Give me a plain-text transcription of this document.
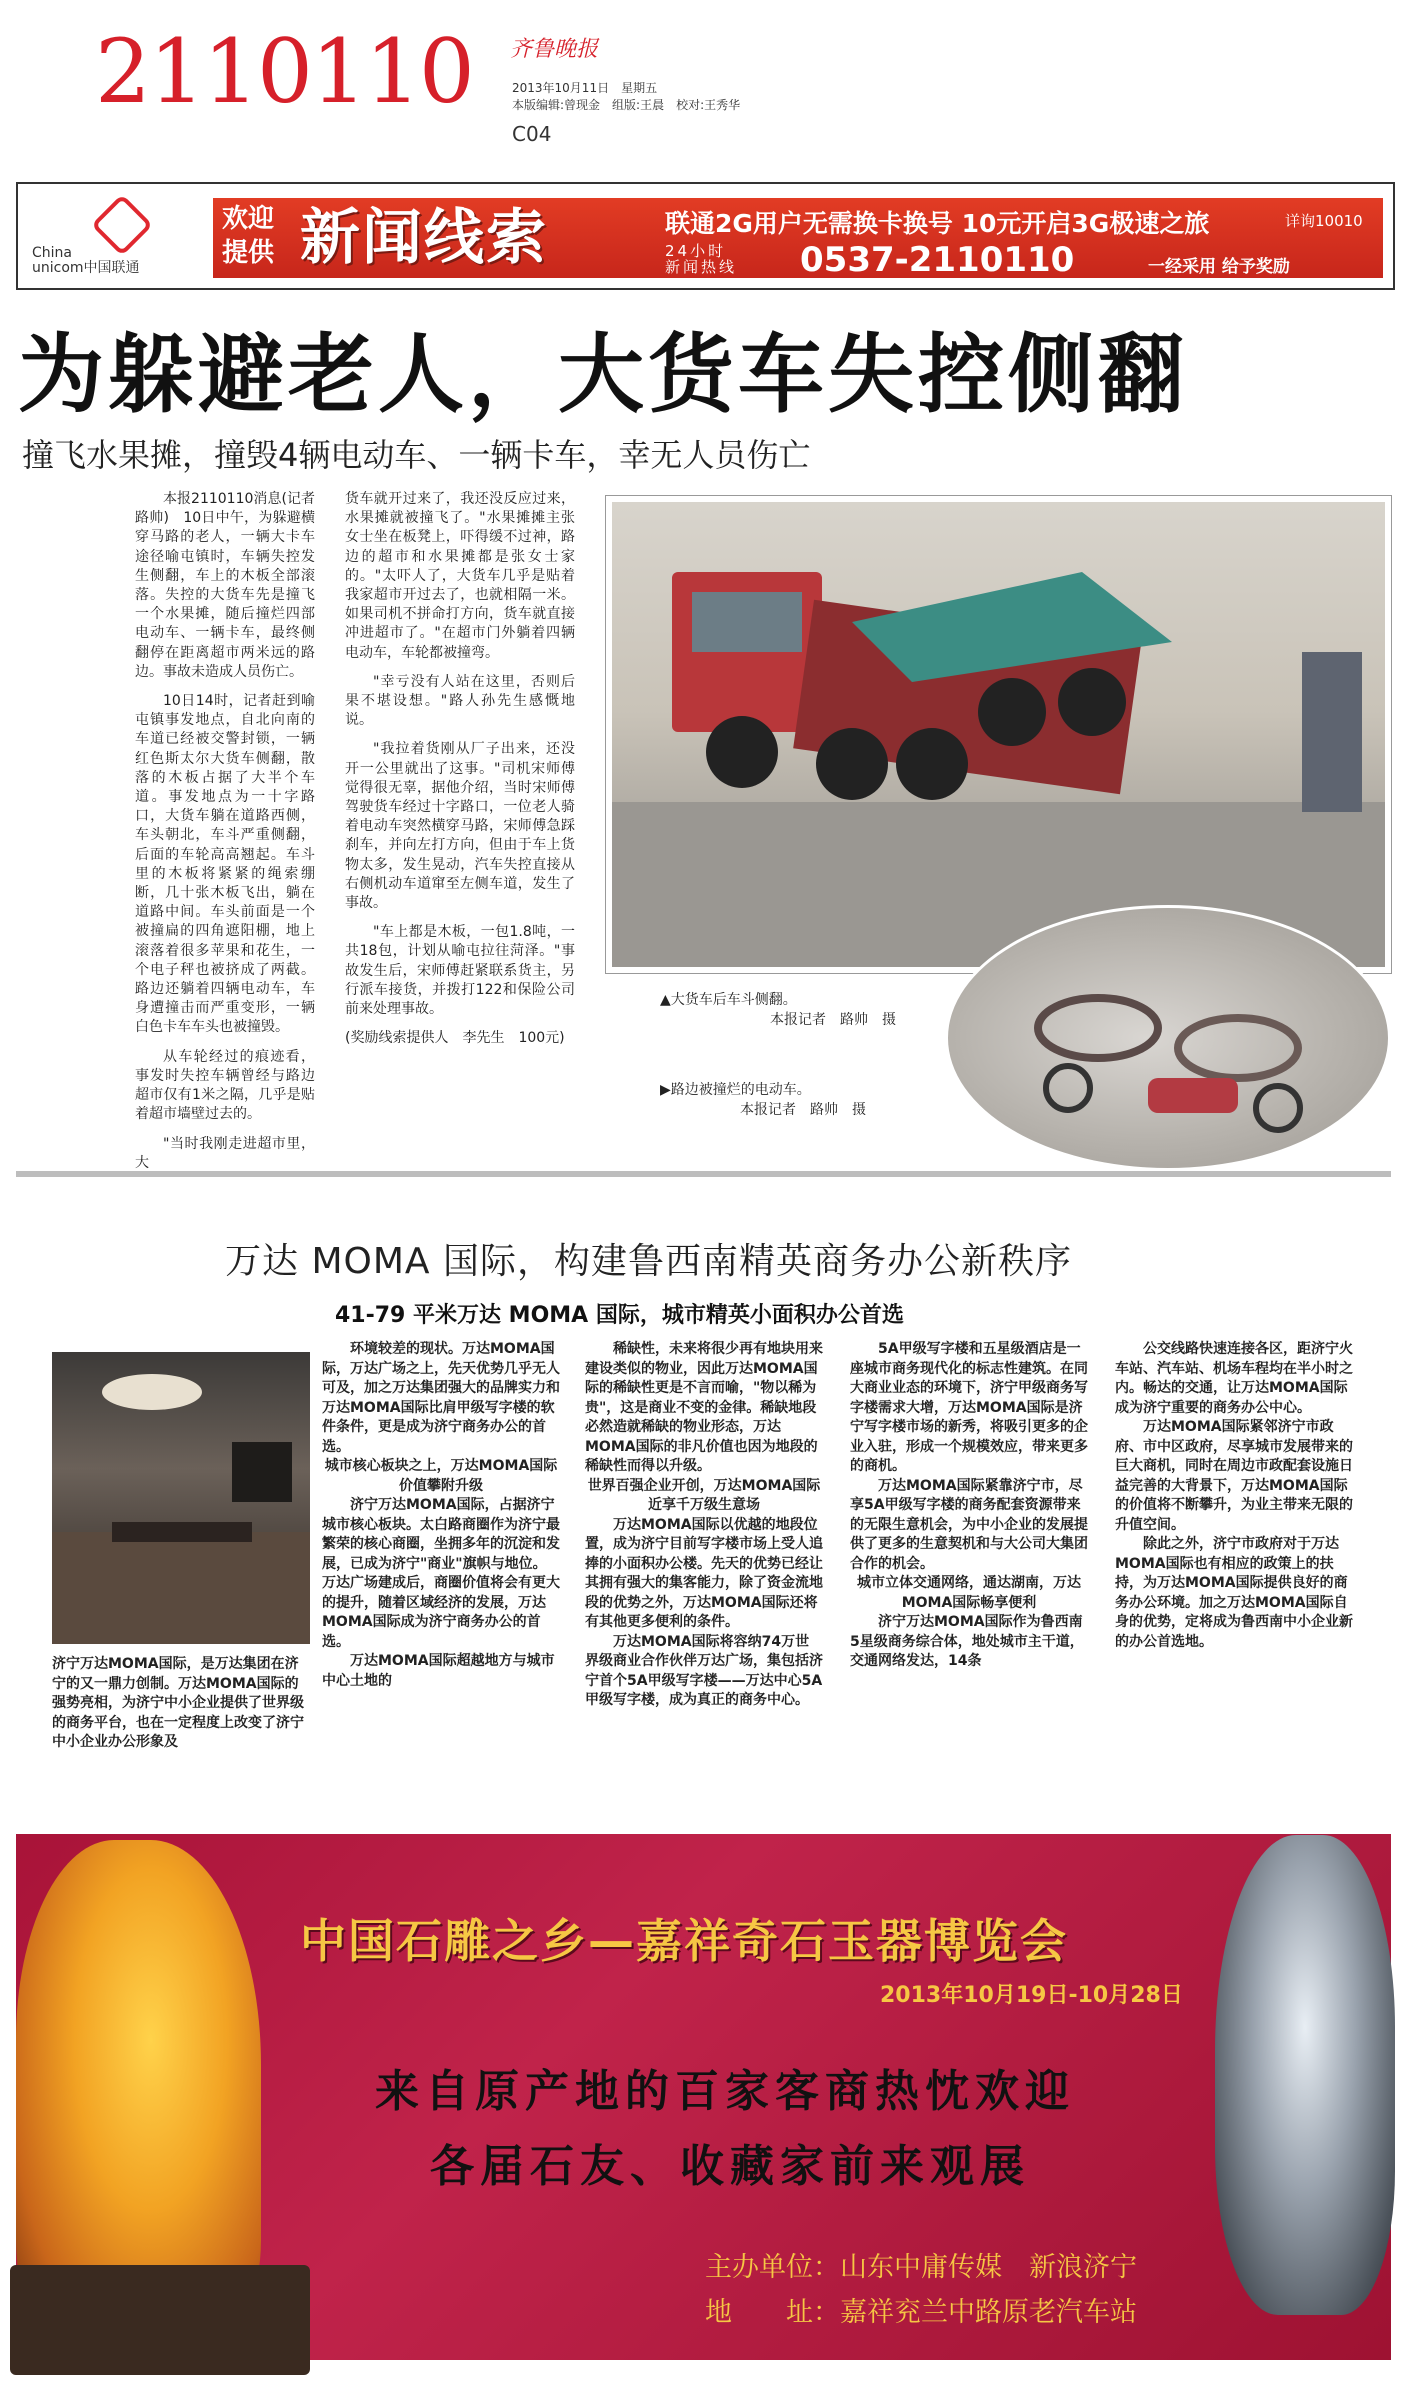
2110110 齐鲁晚报
2013年10月11日　星期五
本版编辑:曾现金　组版:王晨　校对:王秀华
C04
China
unicom中国联通
欢迎
提供 新闻线索	联通2G用户无需换卡换号 10元开启3G极速之旅	详询10010
24小时
新闻热线 0537-2110110	一经采用 给予奖励
为躲避老人，大货车失控侧翻
撞飞水果摊，撞毁4辆电动车、一辆卡车，幸无人员伤亡

本报2110110消息(记者路帅)　10日中午，为躲避横穿马路的老人，一辆大卡车途径喻屯镇时，车辆失控发生侧翻，车上的木板全部滚落。失控的大货车先是撞飞一个水果摊，随后撞烂四部电动车、一辆卡车，最终侧翻停在距离超市两米远的路边。事故未造成人员伤亡。

10日14时，记者赶到喻屯镇事发地点，自北向南的车道已经被交警封锁，一辆红色斯太尔大货车侧翻，散落的木板占据了大半个车道。事发地点为一十字路口，大货车躺在道路西侧，车头朝北，车斗严重侧翻，后面的车轮高高翘起。车斗里的木板将紧紧的绳索绷断，几十张木板飞出，躺在道路中间。车头前面是一个被撞扁的四角遮阳棚，地上滚落着很多苹果和花生，一个电子秤也被挤成了两截。路边还躺着四辆电动车，车身遭撞击而严重变形，一辆白色卡车车头也被撞毁。

从车轮经过的痕迹看，事发时失控车辆曾经与路边超市仅有1米之隔，几乎是贴着超市墙壁过去的。

"当时我刚走进超市里，大

货车就开过来了，我还没反应过来，水果摊就被撞飞了。"水果摊摊主张女士坐在板凳上，吓得缓不过神，路边的超市和水果摊都是张女士家的。"太吓人了，大货车几乎是贴着我家超市开过去了，也就相隔一米。如果司机不拼命打方向，货车就直接冲进超市了。"在超市门外躺着四辆电动车，车轮都被撞弯。

"幸亏没有人站在这里，否则后果不堪设想。"路人孙先生感慨地说。

"我拉着货刚从厂子出来，还没开一公里就出了这事。"司机宋师傅觉得很无辜，据他介绍，当时宋师傅驾驶货车经过十字路口，一位老人骑着电动车突然横穿马路，宋师傅急踩刹车，并向左打方向，但由于车上货物太多，发生晃动，汽车失控直接从右侧机动车道窜至左侧车道，发生了事故。

"车上都是木板，一包1.8吨，一共18包，计划从喻屯拉往菏泽。"事故发生后，宋师傅赶紧联系货主，另行派车接货，并拨打122和保险公司前来处理事故。

(奖励线索提供人　李先生　100元)

▲大货车后车斗侧翻。
本报记者　路帅　摄
▶路边被撞烂的电动车。
本报记者　路帅　摄
万达 MOMA 国际，构建鲁西南精英商务办公新秩序
41-79 平米万达 MOMA 国际，城市精英小面积办公首选
济宁万达MOMA国际，是万达集团在济宁的又一鼎力创制。万达MOMA国际的强势亮相，为济宁中小企业提供了世界级的商务平台，也在一定程度上改变了济宁中小企业办公形象及

环境较差的现状。万达MOMA国际，万达广场之上，先天优势几乎无人可及，加之万达集团强大的品牌实力和万达MOMA国际比肩甲级写字楼的软件条件，更是成为济宁商务办公的首选。

城市核心板块之上，万达MOMA国际价值攀附升级

济宁万达MOMA国际，占据济宁城市核心板块。太白路商圈作为济宁最繁荣的核心商圈，坐拥多年的沉淀和发展，已成为济宁"商业"旗帜与地位。万达广场建成后，商圈价值将会有更大的提升，随着区域经济的发展，万达MOMA国际成为济宁商务办公的首选。

万达MOMA国际超越地方与城市中心土地的

稀缺性，未来将很少再有地块用来建设类似的物业，因此万达MOMA国际的稀缺性更是不言而喻，"物以稀为贵"，这是商业不变的金律。稀缺地段必然造就稀缺的物业形态，万达MOMA国际的非凡价值也因为地段的稀缺性而得以升级。

世界百强企业开创，万达MOMA国际近享千万级生意场

万达MOMA国际以优越的地段位置，成为济宁目前写字楼市场上受人追捧的小面积办公楼。先天的优势已经让其拥有强大的集客能力，除了资金流地段的优势之外，万达MOMA国际还将有其他更多便利的条件。

万达MOMA国际将容纳74万世界级商业合作伙伴万达广场，集包括济宁首个5A甲级写字楼——万达中心5A甲级写字楼，成为真正的商务中心。

5A甲级写字楼和五星级酒店是一座城市商务现代化的标志性建筑。在同大商业业态的环境下，济宁甲级商务写字楼需求大增，万达MOMA国际是济宁写字楼市场的新秀，将吸引更多的企业入驻，形成一个规模效应，带来更多的商机。

万达MOMA国际紧靠济宁市，尽享5A甲级写字楼的商务配套资源带来的无限生意机会，为中小企业的发展提供了更多的生意契机和与大公司大集团合作的机会。

城市立体交通网络，通达湖南，万达MOMA国际畅享便利

济宁万达MOMA国际作为鲁西南5星级商务综合体，地处城市主干道，交通网络发达，14条

公交线路快速连接各区，距济宁火车站、汽车站、机场车程均在半小时之内。畅达的交通，让万达MOMA国际成为济宁重要的商务办公中心。

万达MOMA国际紧邻济宁市政府、市中区政府，尽享城市发展带来的巨大商机，同时在周边市政配套设施日益完善的大背景下，万达MOMA国际的价值将不断攀升，为业主带来无限的升值空间。

除此之外，济宁市政府对于万达MOMA国际也有相应的政策上的扶持，为万达MOMA国际提供良好的商务办公环境。加之万达MOMA国际自身的优势，定将成为鲁西南中小企业新的办公首选地。

中国石雕之乡—嘉祥奇石玉器博览会
2013年10月19日-10月28日
来自原产地的百家客商热忱欢迎
各届石友、收藏家前来观展
主办单位：山东中庸传媒　新浪济宁
地　　址：嘉祥兖兰中路原老汽车站
